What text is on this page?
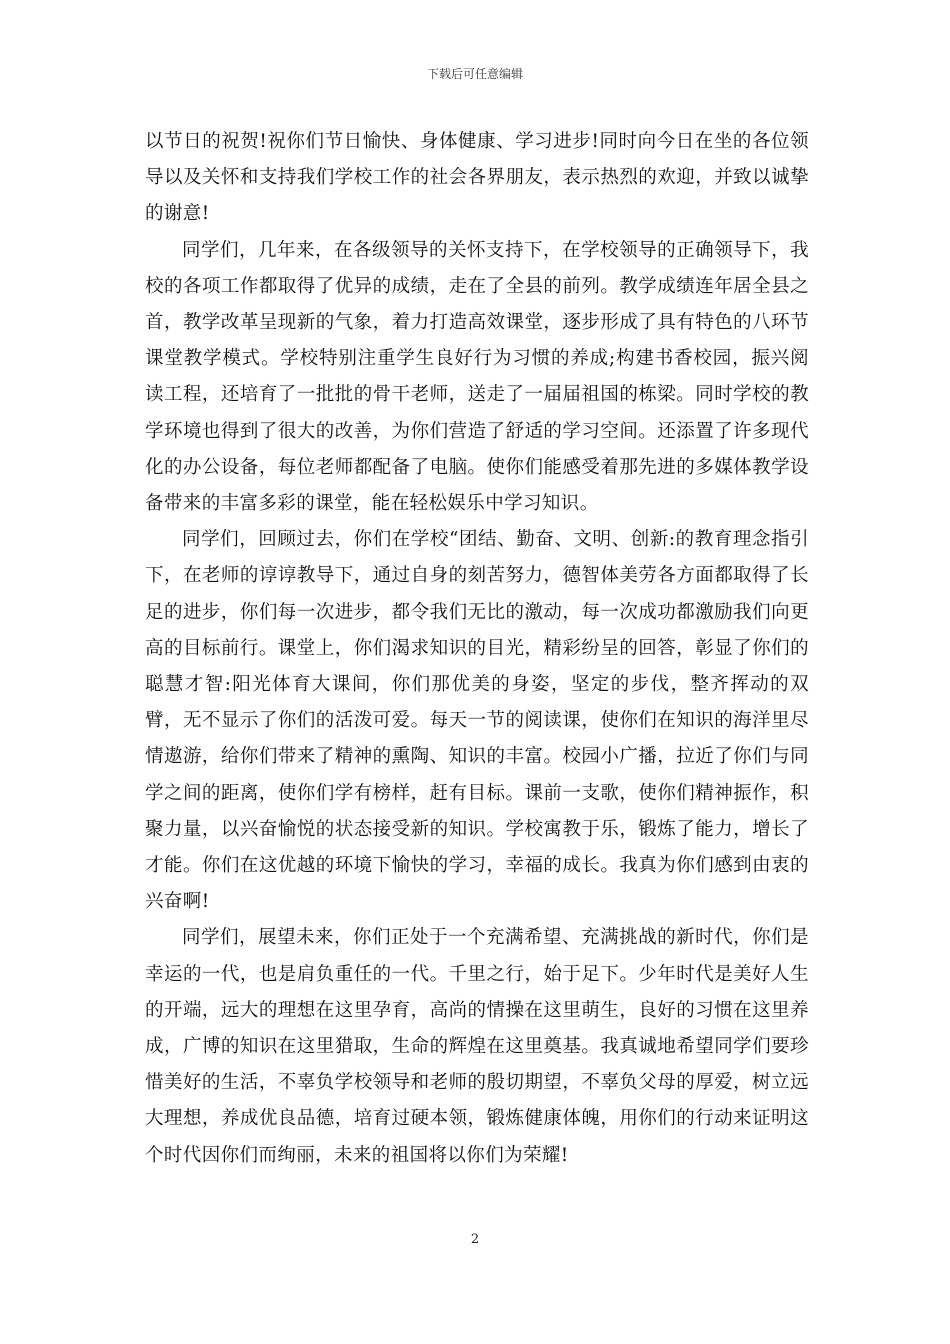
下载后可任意编辑

以节日的祝贺!祝你们节日愉快、身体健康、学习进步!同时向今日在坐的各位领导以及关怀和支持我们学校工作的社会各界朋友，表示热烈的欢迎，并致以诚挚的谢意!

同学们，几年来，在各级领导的关怀支持下，在学校领导的正确领导下，我校的各项工作都取得了优异的成绩，走在了全县的前列。教学成绩连年居全县之首，教学改革呈现新的气象，着力打造高效课堂，逐步形成了具有特色的八环节课堂教学模式。学校特别注重学生良好行为习惯的养成;构建书香校园，振兴阅读工程，还培育了一批批的骨干老师，送走了一届届祖国的栋梁。同时学校的教学环境也得到了很大的改善，为你们营造了舒适的学习空间。还添置了许多现代化的办公设备，每位老师都配备了电脑。使你们能感受着那先进的多媒体教学设备带来的丰富多彩的课堂，能在轻松娱乐中学习知识。

同学们，回顾过去，你们在学校“团结、勤奋、文明、创新:的教育理念指引下，在老师的谆谆教导下，通过自身的刻苦努力，德智体美劳各方面都取得了长足的进步，你们每一次进步，都令我们无比的激动，每一次成功都激励我们向更高的目标前行。课堂上，你们渴求知识的目光，精彩纷呈的回答，彰显了你们的聪慧才智:阳光体育大课间，你们那优美的身姿，坚定的步伐，整齐挥动的双臂，无不显示了你们的活泼可爱。每天一节的阅读课，使你们在知识的海洋里尽情遨游，给你们带来了精神的熏陶、知识的丰富。校园小广播，拉近了你们与同学之间的距离，使你们学有榜样，赶有目标。课前一支歌，使你们精神振作，积聚力量，以兴奋愉悦的状态接受新的知识。学校寓教于乐，锻炼了能力，增长了才能。你们在这优越的环境下愉快的学习，幸福的成长。我真为你们感到由衷的兴奋啊!

同学们，展望未来，你们正处于一个充满希望、充满挑战的新时代，你们是幸运的一代，也是肩负重任的一代。千里之行，始于足下。少年时代是美好人生的开端，远大的理想在这里孕育，高尚的情操在这里萌生，良好的习惯在这里养成，广博的知识在这里猎取，生命的辉煌在这里奠基。我真诚地希望同学们要珍惜美好的生活，不辜负学校领导和老师的殷切期望，不辜负父母的厚爱，树立远大理想，养成优良品德，培育过硬本领，锻炼健康体魄，用你们的行动来证明这个时代因你们而绚丽，未来的祖国将以你们为荣耀!

2
